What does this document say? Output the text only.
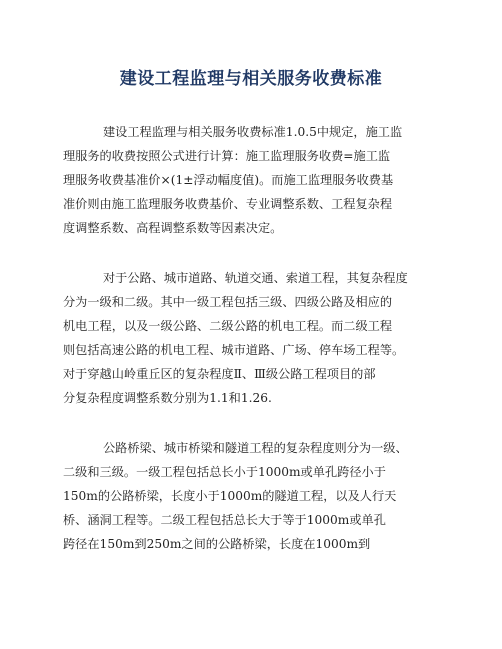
建设工程监理与相关服务收费标准
建设工程监理与相关服务收费标准1.0.5中规定，施工监
理服务的收费按照公式进行计算：施工监理服务收费=施工监
理服务收费基准价×(1±浮动幅度值)。而施工监理服务收费基
准价则由施工监理服务收费基价、专业调整系数、工程复杂程
度调整系数、高程调整系数等因素决定。
对于公路、城市道路、轨道交通、索道工程，其复杂程度
分为一级和二级。其中一级工程包括三级、四级公路及相应的
机电工程，以及一级公路、二级公路的机电工程。而二级工程
则包括高速公路的机电工程、城市道路、广场、停车场工程等。
对于穿越山岭重丘区的复杂程度Ⅱ、Ⅲ级公路工程项目的部
分复杂程度调整系数分别为1.1和1.26.
公路桥梁、城市桥梁和隧道工程的复杂程度则分为一级、
二级和三级。一级工程包括总长小于1000m或单孔跨径小于
150m的公路桥梁，长度小于1000m的隧道工程，以及人行天
桥、涵洞工程等。二级工程包括总长大于等于1000m或单孔
跨径在150m到250m之间的公路桥梁，长度在1000m到
